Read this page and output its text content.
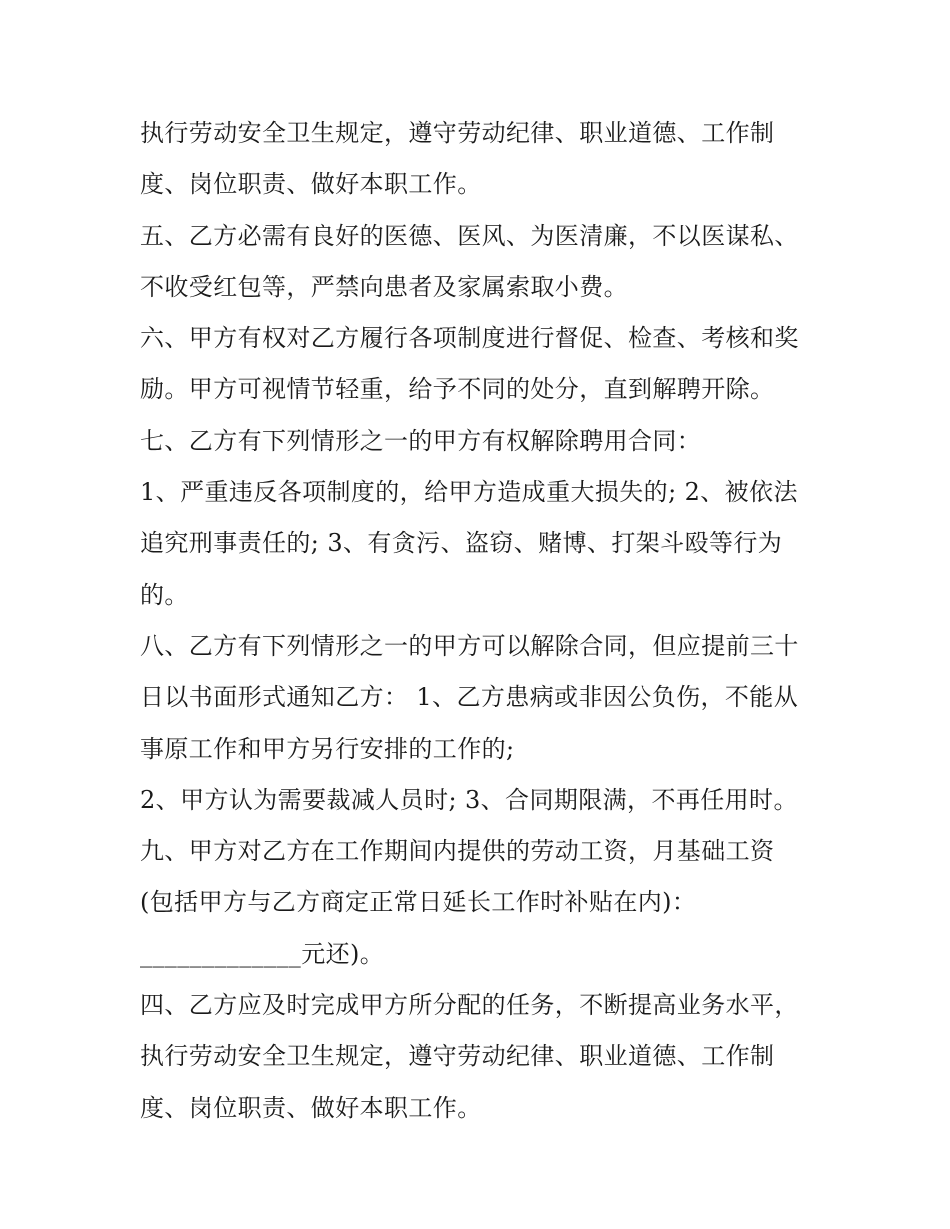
执行劳动安全卫生规定，遵守劳动纪律、职业道德、工作制
度、岗位职责、做好本职工作。
五、乙方必需有良好的医德、医风、为医清廉，不以医谋私、
不收受红包等，严禁向患者及家属索取小费。
六、甲方有权对乙方履行各项制度进行督促、检查、考核和奖
励。甲方可视情节轻重，给予不同的处分，直到解聘开除。
七、乙方有下列情形之一的甲方有权解除聘用合同：
1、严重违反各项制度的，给甲方造成重大损失的; 2、被依法
追究刑事责任的; 3、有贪污、盗窃、赌博、打架斗殴等行为
的。
八、乙方有下列情形之一的甲方可以解除合同，但应提前三十
日以书面形式通知乙方： 1、乙方患病或非因公负伤，不能从
事原工作和甲方另行安排的工作的;
2、甲方认为需要裁减人员时; 3、合同期限满，不再任用时。
九、甲方对乙方在工作期间内提供的劳动工资，月基础工资
(包括甲方与乙方商定正常日延长工作时补贴在内)：
_____________元还)。
四、乙方应及时完成甲方所分配的任务，不断提高业务水平，
执行劳动安全卫生规定，遵守劳动纪律、职业道德、工作制
度、岗位职责、做好本职工作。
